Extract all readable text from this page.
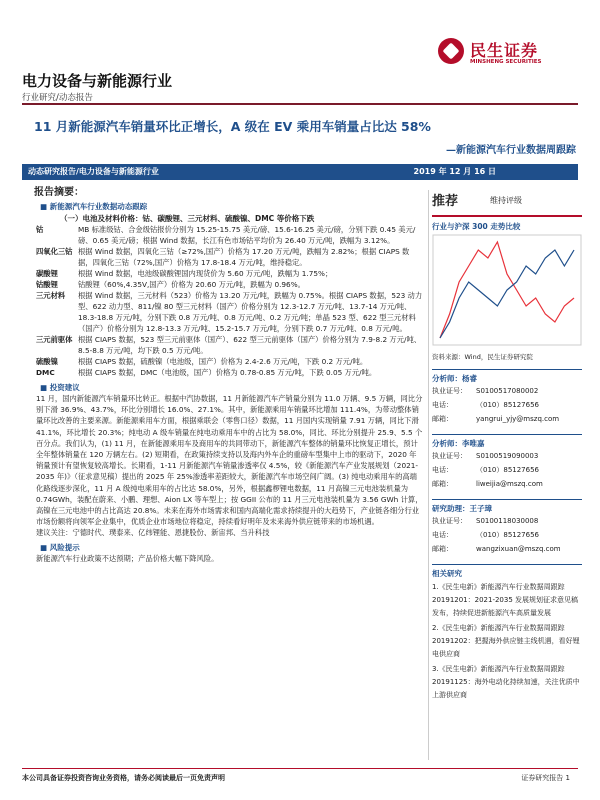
民生证券
MINSHENG SECURITIES
电力设备与新能源行业
行业研究/动态报告
11 月新能源汽车销量环比正增长，A 级在 EV 乘用车销量占比达 58%
—新能源汽车行业数据周跟踪
动态研究报告/电力设备与新能源行业	2019 年 12 月 16 日
报告摘要：
■ 新能源汽车行业数据动态跟踪
（一）电池及材料价格：钴、碳酸锂、三元材料、硫酸镍、DMC 等价格下跌
钴	MB 标准级钴、合金级钴报价分别为 15.25-15.75 美元/磅、15.6-16.25 美元/磅，分别下跌 0.45 美元/磅、0.65 美元/磅；根据 Wind 数据，长江有色市场钴平均价为 26.40 万元/吨，跌幅为 3.12%。
四氧化三钴 根据 Wind 数据，四氧化三钴（≥72%,国产）价格为 17.20 万元/吨，跌幅为 2.82%；根据 CIAPS 数据，四氧化三钴（72%,国产）价格为 17.8-18.4 万元/吨，维持稳定。
碳酸锂	根据 Wind 数据，电池级碳酸锂国内现货价为 5.60 万元/吨，跌幅为 1.75%；
钴酸锂	钴酸锂（60%,4.35V,国产）价格为 20.60 万元/吨，跌幅为 0.96%。
三元材料	根据 Wind 数据，三元材料（523）价格为 13.20 万元/吨，跌幅为 0.75%。根据 CIAPS 数据，523 动力型、622 动力型、811/镍 80 型三元材料（国产）价格分别为 12.3-12.7 万元/吨、13.7-14 万元/吨、18.3-18.8 万元/吨，分别下跌 0.8 万元/吨、0.8 万元/吨、0.2 万元/吨；单晶 523 型、622 型三元材料（国产）价格分别为 12.8-13.3 万元/吨、15.2-15.7 万元/吨，分别下跌 0.7 万元/吨、0.8 万元/吨。
三元前驱体 根据 CIAPS 数据，523 型三元前驱体（国产）、622 型三元前驱体（国产）价格分别为 7.9-8.2 万元/吨、8.5-8.8 万元/吨，均下跌 0.5 万元/吨。
硫酸镍	根据 CIAPS 数据，硫酸镍（电池级，国产）价格为 2.4-2.6 万元/吨，下跌 0.2 万元/吨。
DMC	根据 CIAPS 数据，DMC（电池级，国产）价格为 0.78-0.85 万元/吨，下跌 0.05 万元/吨。
■ 投资建议
11 月，国内新能源汽车销量环比转正。根据中汽协数据，11 月新能源汽车产销量分别为 11.0 万辆、9.5 万辆，同比分别下滑 36.9%、43.7%，环比分别增长 16.0%、27.1%。其中，新能源乘用车销量环比增加 111.4%，为带动整体销量环比改善的主要来源。新能源乘用车方面，根据乘联会（零售口径）数据，11 月国内实现销量 7.91 万辆，同比下滑 41.1%，环比增长 20.3%；纯电动 A 级车销量在纯电动乘用车中的占比为 58.0%，同比、环比分别提升 25.9、5.5 个百分点。我们认为，(1) 11 月，在新能源乘用车及商用车的共同带动下，新能源汽车整体的销量环比恢复正增长，预计全年整体销量在 120 万辆左右。(2) 短期看，在政策持续支持以及海内外车企的重磅车型集中上市的驱动下，2020 年销量预计有望恢复较高增长。长期看，1-11 月新能源汽车销量渗透率仅 4.5%，较《新能源汽车产业发展规划（2021-2035 年)》（征求意见稿）提出的 2025 年 25%渗透率差距较大，新能源汽车市场空间广阔。(3) 纯电动乘用车的高端化路线逐步深化，11 月 A 级纯电乘用车的占比达 58.0%，另外，根据鑫椤锂电数据，11 月高镍三元电池装机量为 0.74GWh，装配在蔚来、小鹏、理想、Aion LX 等车型上；按 GGII 公布的 11 月三元电池装机量为 3.56 GWh 计算，高镍在三元电池中的占比高达 20.8%。未来在海外市场需求和国内高端化需求持续提升的大趋势下，产业链各细分行业市场份额将向领军企业集中，优质企业市场地位将稳定，持续看好明年及未来海外供应链带来的市场机遇。
建议关注：宁德时代、璞泰来、亿纬锂能、恩捷股份、新宙邦、当升科技
■ 风险提示
新能源汽车行业政策不达预期；产品价格大幅下降风险。
推荐	维持评级
行业与沪深 300 走势比较
资料来源：Wind，民生证券研究院
分析师：杨睿
执业证号：	S0100517080002
电话：	（010）85127656
邮箱：	yangrui_yjy@mszq.com
分析师：李唯嘉
执业证号：	S0100519090003
电话：	（010）85127656
邮箱：	liweijia@mszq.com
研究助理：王子璋
执业证号：	S0100118030008
电话：	（010）85127656
邮箱：	wangzixuan@mszq.com
相关研究
1.《民生电新》新能源汽车行业数据周跟踪 20191201：2021-2035 发展规划征求意见稿发布，持续促进新能源汽车高质量发展
2.《民生电新》新能源汽车行业数据周跟踪 20191202：把握海外供应链主线机遇，看好锂电供应商
3.《民生电新》新能源汽车行业数据周跟踪 20191125：海外电动化持续加速，关注优质中上游供应商
本公司具备证券投资咨询业务资格，请务必阅读最后一页免责声明	证券研究报告 1
